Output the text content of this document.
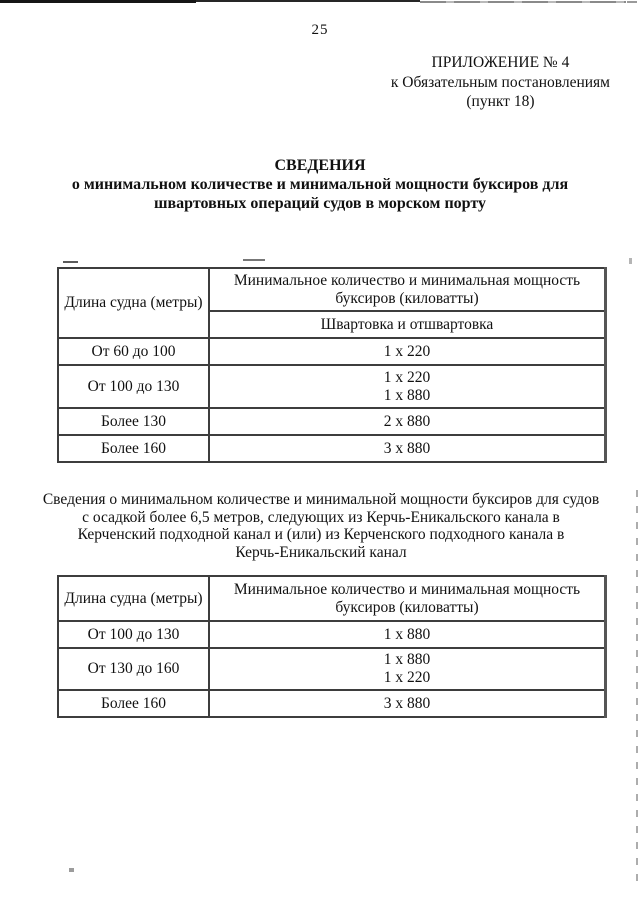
25
ПРИЛОЖЕНИЕ № 4
к Обязательным постановлениям
(пункт 18)
СВЕДЕНИЯ
о минимальном количестве и минимальной мощности буксиров для
швартовных операций судов в морском порту
Длина судна (метры)	Минимальное количество и минимальная мощность
буксиров (киловатты)

	Швартовка и отшвартовка
От 60 до 100	1 x 220
От 100 до 130	1 x 220
1 x 880

Более 130	2 x 880
Более 160	3 x 880
Сведения о минимальном количестве и минимальной мощности буксиров для судов
с осадкой более 6,5 метров, следующих из Керчь-Еникальского канала в
Керченский подходной канал и (или) из Керченского подходного канала в
Керчь-Еникальский канал
Длина судна (метры)	Минимальное количество и минимальная мощность
буксиров (киловатты)

От 100 до 130	1 x 880
От 130 до 160	1 x 880
1 x 220

Более 160	3 x 880
